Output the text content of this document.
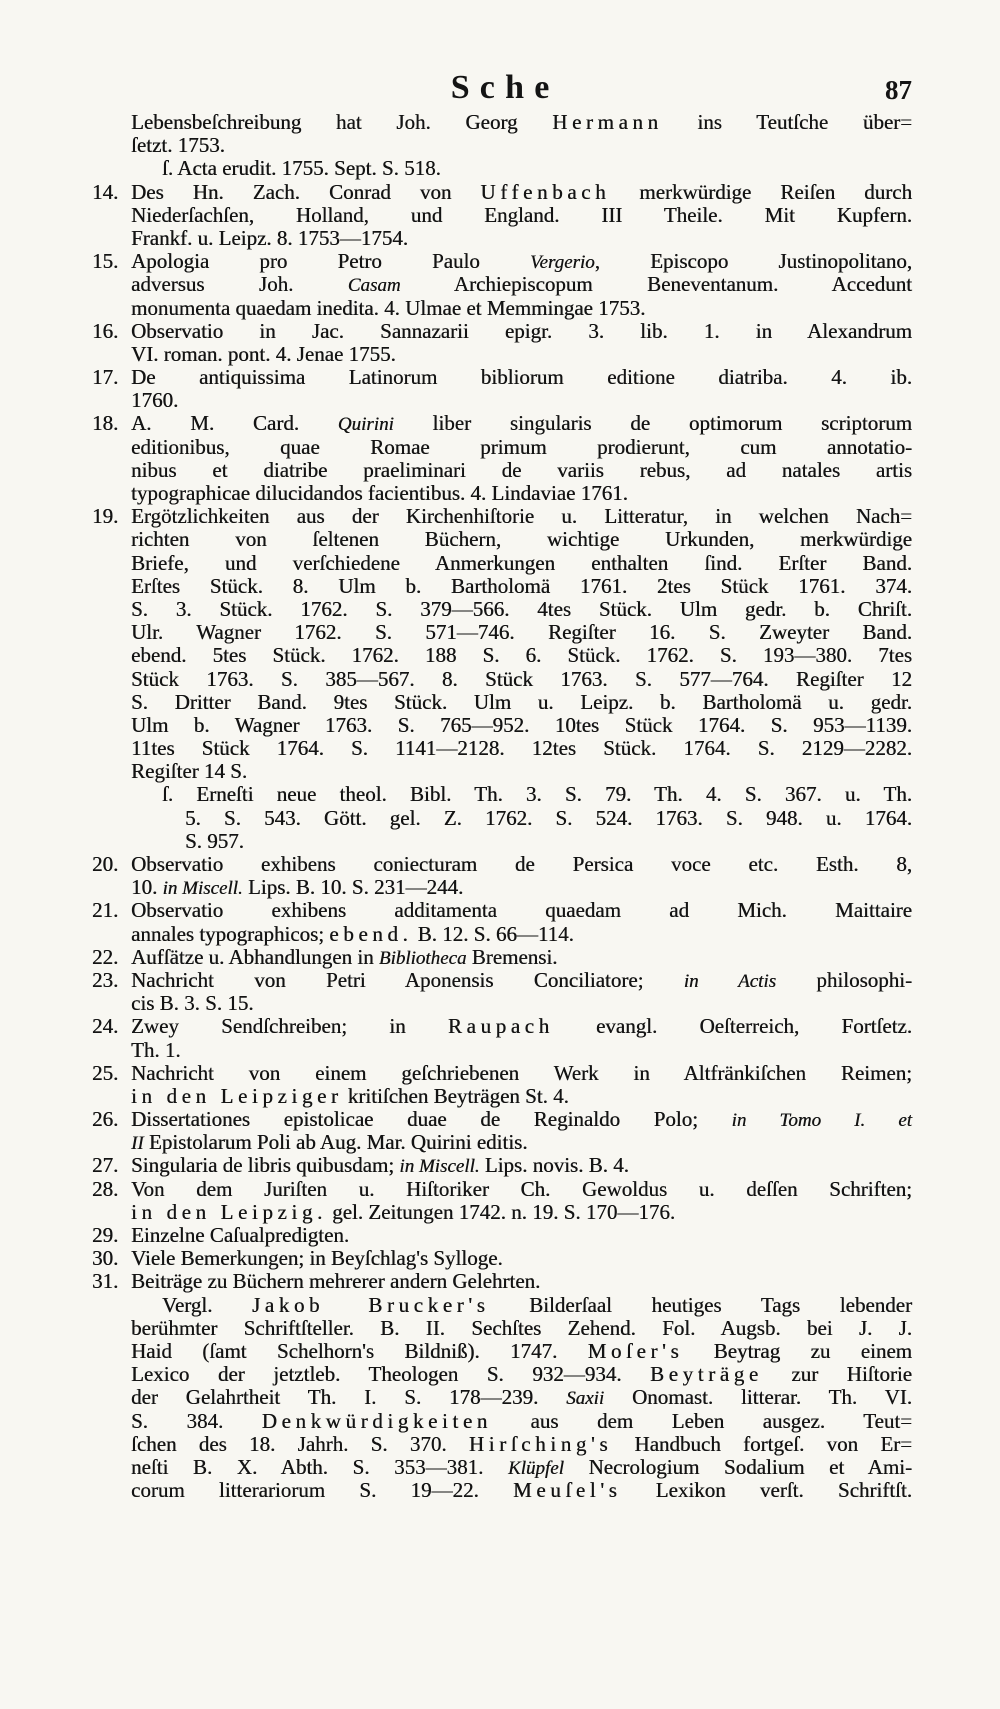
Sche	87
Lebensbeſchreibung hat Joh. Georg Hermann ins Teutſche über=
ſetzt. 1753.
ſ. Acta erudit. 1755. Sept. S. 518.
14. Des Hn. Zach. Conrad von Uffenbach merkwürdige Reiſen durch
Niederſachſen, Holland, und England. III Theile. Mit Kupfern.
Frankf. u. Leipz. 8. 1753—1754.
15. Apologia pro Petro Paulo Vergerio, Episcopo Justinopolitano,
adversus Joh. Casam Archiepiscopum Beneventanum. Accedunt
monumenta quaedam inedita. 4. Ulmae et Memmingae 1753.
16. Observatio in Jac. Sannazarii epigr. 3. lib. 1. in Alexandrum
VI. roman. pont. 4. Jenae 1755.
17. De antiquissima Latinorum bibliorum editione diatriba. 4. ib.
1760.
18. A. M. Card. Quirini liber singularis de optimorum scriptorum
editionibus, quae Romae primum prodierunt, cum annotatio-
nibus et diatribe praeliminari de variis rebus, ad natales artis
typographicae dilucidandos facientibus. 4. Lindaviae 1761.
19. Ergötzlichkeiten aus der Kirchenhiſtorie u. Litteratur, in welchen Nach=
richten von ſeltenen Büchern, wichtige Urkunden, merkwürdige
Briefe, und verſchiedene Anmerkungen enthalten ſind. Erſter Band.
Erſtes Stück. 8. Ulm b. Bartholomä 1761. 2tes Stück 1761. 374.
S. 3. Stück. 1762. S. 379—566. 4tes Stück. Ulm gedr. b. Chriſt.
Ulr. Wagner 1762. S. 571—746. Regiſter 16. S. Zweyter Band.
ebend. 5tes Stück. 1762. 188 S. 6. Stück. 1762. S. 193—380. 7tes
Stück 1763. S. 385—567. 8. Stück 1763. S. 577—764. Regiſter 12
S. Dritter Band. 9tes Stück. Ulm u. Leipz. b. Bartholomä u. gedr.
Ulm b. Wagner 1763. S. 765—952. 10tes Stück 1764. S. 953—1139.
11tes Stück 1764. S. 1141—2128. 12tes Stück. 1764. S. 2129—2282.
Regiſter 14 S.
ſ. Erneſti neue theol. Bibl. Th. 3. S. 79. Th. 4. S. 367. u. Th.
5. S. 543. Gött. gel. Z. 1762. S. 524. 1763. S. 948. u. 1764.
S. 957.
20. Observatio exhibens coniecturam de Persica voce etc. Esth. 8,
10. in Miscell. Lips. B. 10. S. 231—244.
21. Observatio exhibens additamenta quaedam ad Mich. Maittaire
annales typographicos; ebend. B. 12. S. 66—114.
22. Aufſätze u. Abhandlungen in Bibliotheca Bremensi.
23. Nachricht von Petri Aponensis Conciliatore; in Actis philosophi-
cis B. 3. S. 15.
24. Zwey Sendſchreiben; in Raupach evangl. Oeſterreich, Fortſetz.
Th. 1.
25. Nachricht von einem geſchriebenen Werk in Altfränkiſchen Reimen;
in den Leipziger kritiſchen Beyträgen St. 4.
26. Dissertationes epistolicae duae de Reginaldo Polo; in Tomo I. et
II Epistolarum Poli ab Aug. Mar. Quirini editis.
27. Singularia de libris quibusdam; in Miscell. Lips. novis. B. 4.
28. Von dem Juriſten u. Hiſtoriker Ch. Gewoldus u. deſſen Schriften;
in den Leipzig. gel. Zeitungen 1742. n. 19. S. 170—176.
29. Einzelne Caſualpredigten.
30. Viele Bemerkungen; in Beyſchlag's Sylloge.
31. Beiträge zu Büchern mehrerer andern Gelehrten.
Vergl. Jakob Brucker's Bilderſaal heutiges Tags lebender
berühmter Schriftſteller. B. II. Sechſtes Zehend. Fol. Augsb. bei J. J.
Haid (ſamt Schelhorn's Bildniß). 1747. Moſer's Beytrag zu einem
Lexico der jetztleb. Theologen S. 932—934. Beyträge zur Hiſtorie
der Gelahrtheit Th. I. S. 178—239. Saxii Onomast. litterar. Th. VI.
S. 384. Denkwürdigkeiten aus dem Leben ausgez. Teut=
ſchen des 18. Jahrh. S. 370. Hirſching's Handbuch fortgeſ. von Er=
neſti B. X. Abth. S. 353—381. Klüpfel Necrologium Sodalium et Ami-
corum litterariorum S. 19—22. Meuſel's Lexikon verſt. Schriftſt.
